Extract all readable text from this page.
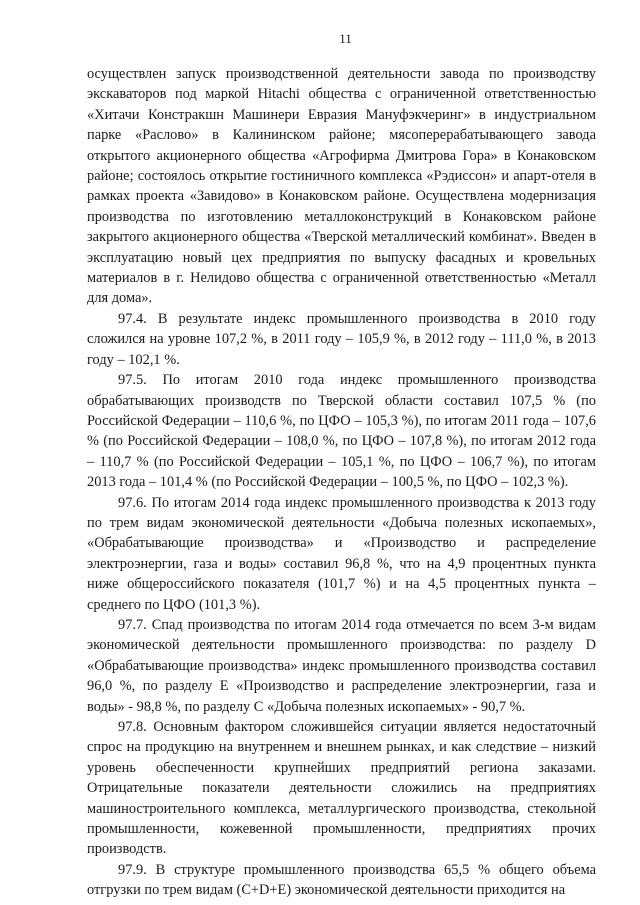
11

осуществлен запуск производственной деятельности завода по производству экскаваторов под маркой Hitachi общества с ограниченной ответственностью «Хитачи Констракшн Машинери Евразия Мануфэкчеринг» в индустриальном парке «Раслово» в Калининском районе; мясоперерабатывающего завода открытого акционерного общества «Агрофирма Дмитрова Гора» в Конаковском районе; состоялось открытие гостиничного комплекса «Рэдиссон» и апарт-отеля в рамках проекта «Завидово» в Конаковском районе. Осуществлена модернизация производства по изготовлению металлоконструкций в Конаковском районе закрытого акционерного общества «Тверской металлический комбинат». Введен в эксплуатацию новый цех предприятия по выпуску фасадных и кровельных материалов в г. Нелидово общества с ограниченной ответственностью «Металл для дома».

97.4. В результате индекс промышленного производства в 2010 году сложился на уровне 107,2 %, в 2011 году – 105,9 %, в 2012 году – 111,0 %, в 2013 году – 102,1 %.

97.5. По итогам 2010 года индекс промышленного производства обрабатывающих производств по Тверской области составил 107,5 % (по Российской Федерации – 110,6 %, по ЦФО – 105,3 %), по итогам 2011 года – 107,6 % (по Российской Федерации – 108,0 %, по ЦФО – 107,8 %), по итогам 2012 года – 110,7 % (по Российской Федерации – 105,1 %, по ЦФО – 106,7 %), по итогам 2013 года – 101,4 % (по Российской Федерации – 100,5 %, по ЦФО – 102,3 %).

97.6. По итогам 2014 года индекс промышленного производства к 2013 году по трем видам экономической деятельности «Добыча полезных ископаемых», «Обрабатывающие производства» и «Производство и распределение электроэнергии, газа и воды» составил 96,8 %, что на 4,9 процентных пункта ниже общероссийского показателя (101,7 %) и на 4,5 процентных пункта – среднего по ЦФО (101,3 %).

97.7. Спад производства по итогам 2014 года отмечается по всем 3-м видам экономической деятельности промышленного производства: по разделу D «Обрабатывающие производства» индекс промышленного производства составил 96,0 %, по разделу Е «Производство и распределение электроэнергии, газа и воды» - 98,8 %, по разделу С «Добыча полезных ископаемых» - 90,7 %.

97.8. Основным фактором сложившейся ситуации является недостаточный спрос на продукцию на внутреннем и внешнем рынках, и как следствие – низкий уровень обеспеченности крупнейших предприятий региона заказами. Отрицательные показатели деятельности сложились на предприятиях машиностроительного комплекса, металлургического производства, стекольной промышленности, кожевенной промышленности, предприятиях прочих производств.

97.9. В структуре промышленного производства 65,5 % общего объема отгрузки по трем видам (С+D+E) экономической деятельности приходится на
